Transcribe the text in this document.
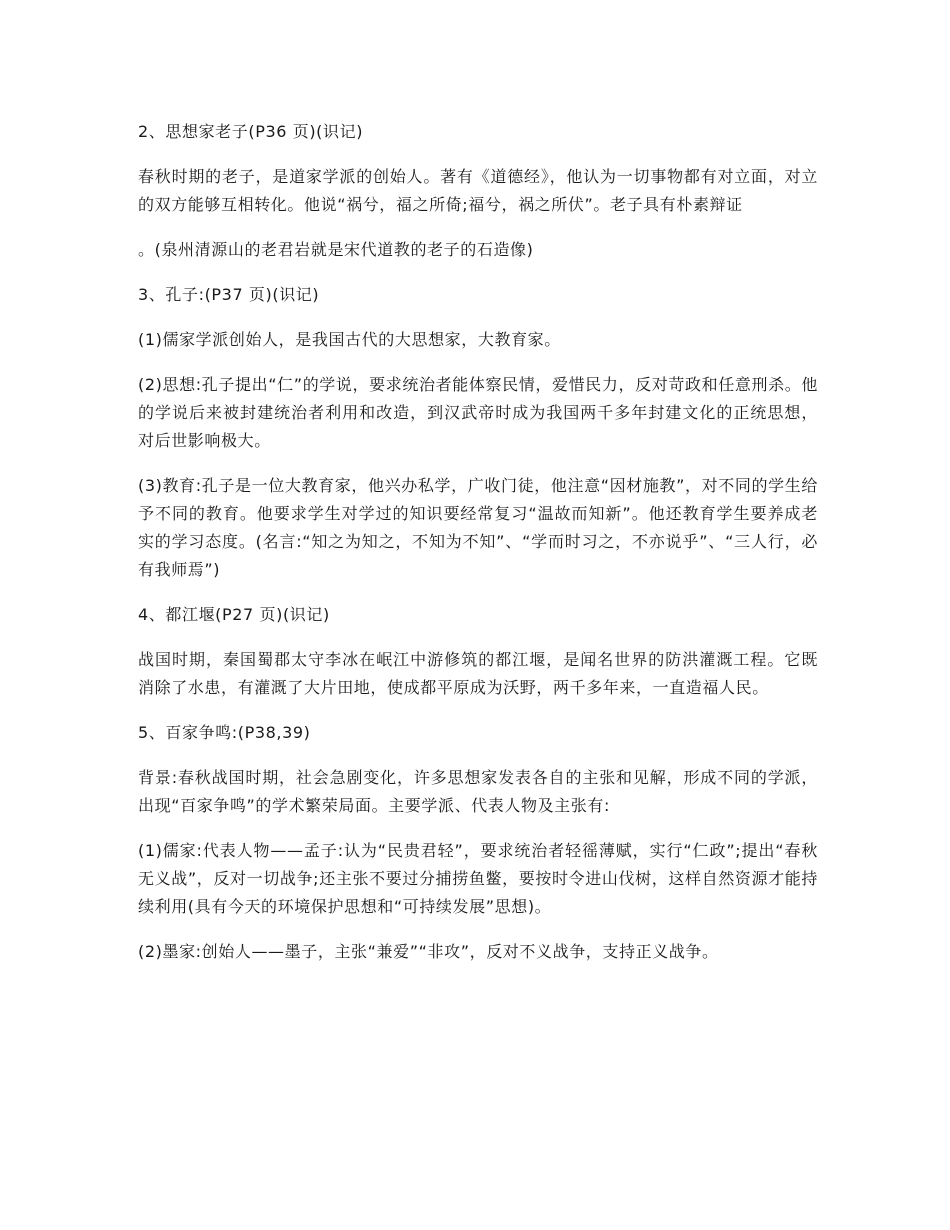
2、思想家老子(P36 页)(识记)

春秋时期的老子，是道家学派的创始人。著有《道德经》，他认为一切事物都有对立面，对立的双方能够互相转化。他说“祸兮，福之所倚;福兮，祸之所伏”。老子具有朴素辩证

。(泉州清源山的老君岩就是宋代道教的老子的石造像)

3、孔子:(P37 页)(识记)

(1)儒家学派创始人，是我国古代的大思想家，大教育家。

(2)思想:孔子提出“仁”的学说，要求统治者能体察民情，爱惜民力，反对苛政和任意刑杀。他的学说后来被封建统治者利用和改造，到汉武帝时成为我国两千多年封建文化的正统思想，对后世影响极大。

(3)教育:孔子是一位大教育家，他兴办私学，广收门徒，他注意“因材施教”，对不同的学生给予不同的教育。他要求学生对学过的知识要经常复习“温故而知新”。他还教育学生要养成老实的学习态度。(名言:“知之为知之，不知为不知”、“学而时习之，不亦说乎”、“三人行，必有我师焉”)

4、都江堰(P27 页)(识记)

战国时期，秦国蜀郡太守李冰在岷江中游修筑的都江堰，是闻名世界的防洪灌溉工程。它既消除了水患，有灌溉了大片田地，使成都平原成为沃野，两千多年来，一直造福人民。

5、百家争鸣:(P38,39)

背景:春秋战国时期，社会急剧变化，许多思想家发表各自的主张和见解，形成不同的学派，出现“百家争鸣”的学术繁荣局面。主要学派、代表人物及主张有:

(1)儒家:代表人物——孟子:认为“民贵君轻”，要求统治者轻徭薄赋，实行“仁政”;提出“春秋无义战”，反对一切战争;还主张不要过分捕捞鱼鳖，要按时令进山伐树，这样自然资源才能持续利用(具有今天的环境保护思想和“可持续发展”思想)。

(2)墨家:创始人——墨子，主张“兼爱”“非攻”，反对不义战争，支持正义战争。
